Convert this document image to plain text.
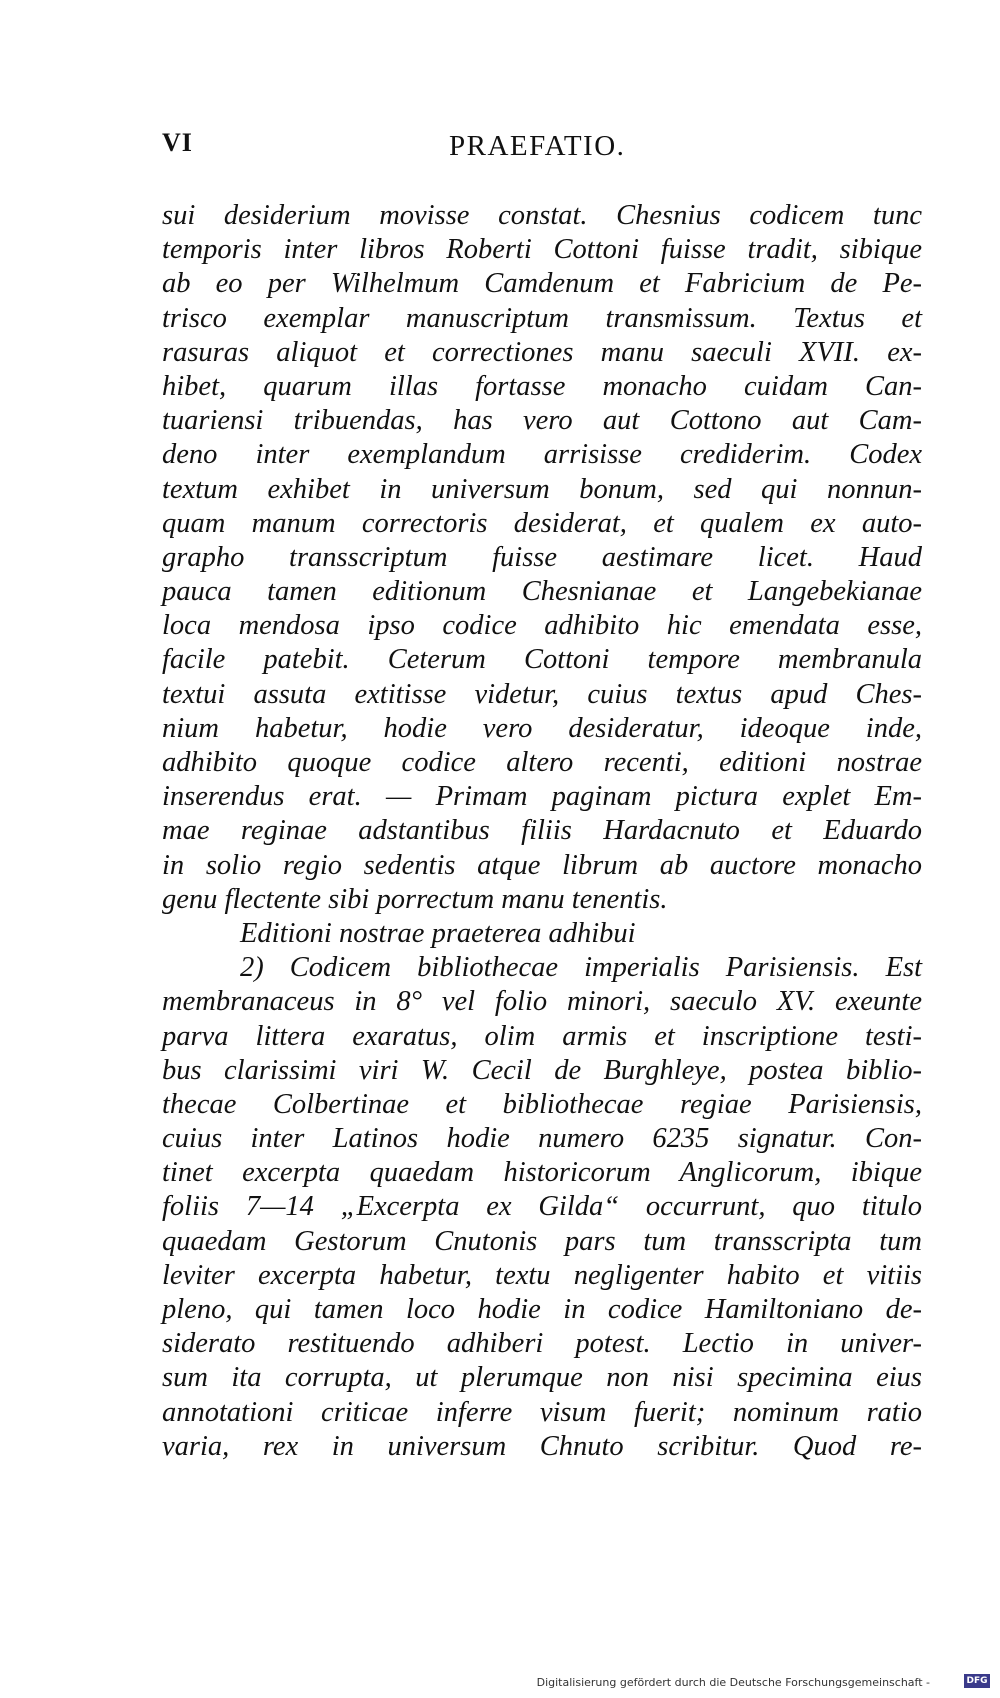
VI	PRAEFATIO.
sui desiderium movisse constat. Chesnius codicem tunc
temporis inter libros Roberti Cottoni fuisse tradit, sibique
ab eo per Wilhelmum Camdenum et Fabricium de Pe-
trisco exemplar manuscriptum transmissum. Textus et
rasuras aliquot et correctiones manu saeculi XVII. ex-
hibet, quarum illas fortasse monacho cuidam Can-
tuariensi tribuendas, has vero aut Cottono aut Cam-
deno inter exemplandum arrisisse crediderim. Codex
textum exhibet in universum bonum, sed qui nonnun-
quam manum correctoris desiderat, et qualem ex auto-
grapho transscriptum fuisse aestimare licet. Haud
pauca tamen editionum Chesnianae et Langebekianae
loca mendosa ipso codice adhibito hic emendata esse,
facile patebit. Ceterum Cottoni tempore membranula
textui assuta extitisse videtur, cuius textus apud Ches-
nium habetur, hodie vero desideratur, ideoque inde,
adhibito quoque codice altero recenti, editioni nostrae
inserendus erat. — Primam paginam pictura explet Em-
mae reginae adstantibus filiis Hardacnuto et Eduardo
in solio regio sedentis atque librum ab auctore monacho
genu flectente sibi porrectum manu tenentis.
Editioni nostrae praeterea adhibui
2) Codicem bibliothecae imperialis Parisiensis. Est
membranaceus in 8° vel folio minori, saeculo XV. exeunte
parva littera exaratus, olim armis et inscriptione testi-
bus clarissimi viri W. Cecil de Burghleye, postea biblio-
thecae Colbertinae et bibliothecae regiae Parisiensis,
cuius inter Latinos hodie numero 6235 signatur. Con-
tinet excerpta quaedam historicorum Anglicorum, ibique
foliis 7—14 „Excerpta ex Gilda“ occurrunt, quo titulo
quaedam Gestorum Cnutonis pars tum transscripta tum
leviter excerpta habetur, textu negligenter habito et vitiis
pleno, qui tamen loco hodie in codice Hamiltoniano de-
siderato restituendo adhiberi potest. Lectio in univer-
sum ita corrupta, ut plerumque non nisi specimina eius
annotationi criticae inferre visum fuerit; nominum ratio
varia, rex in universum Chnuto scribitur. Quod re-
Digitalisierung gefördert durch die Deutsche Forschungsgemeinschaft -	DFG
